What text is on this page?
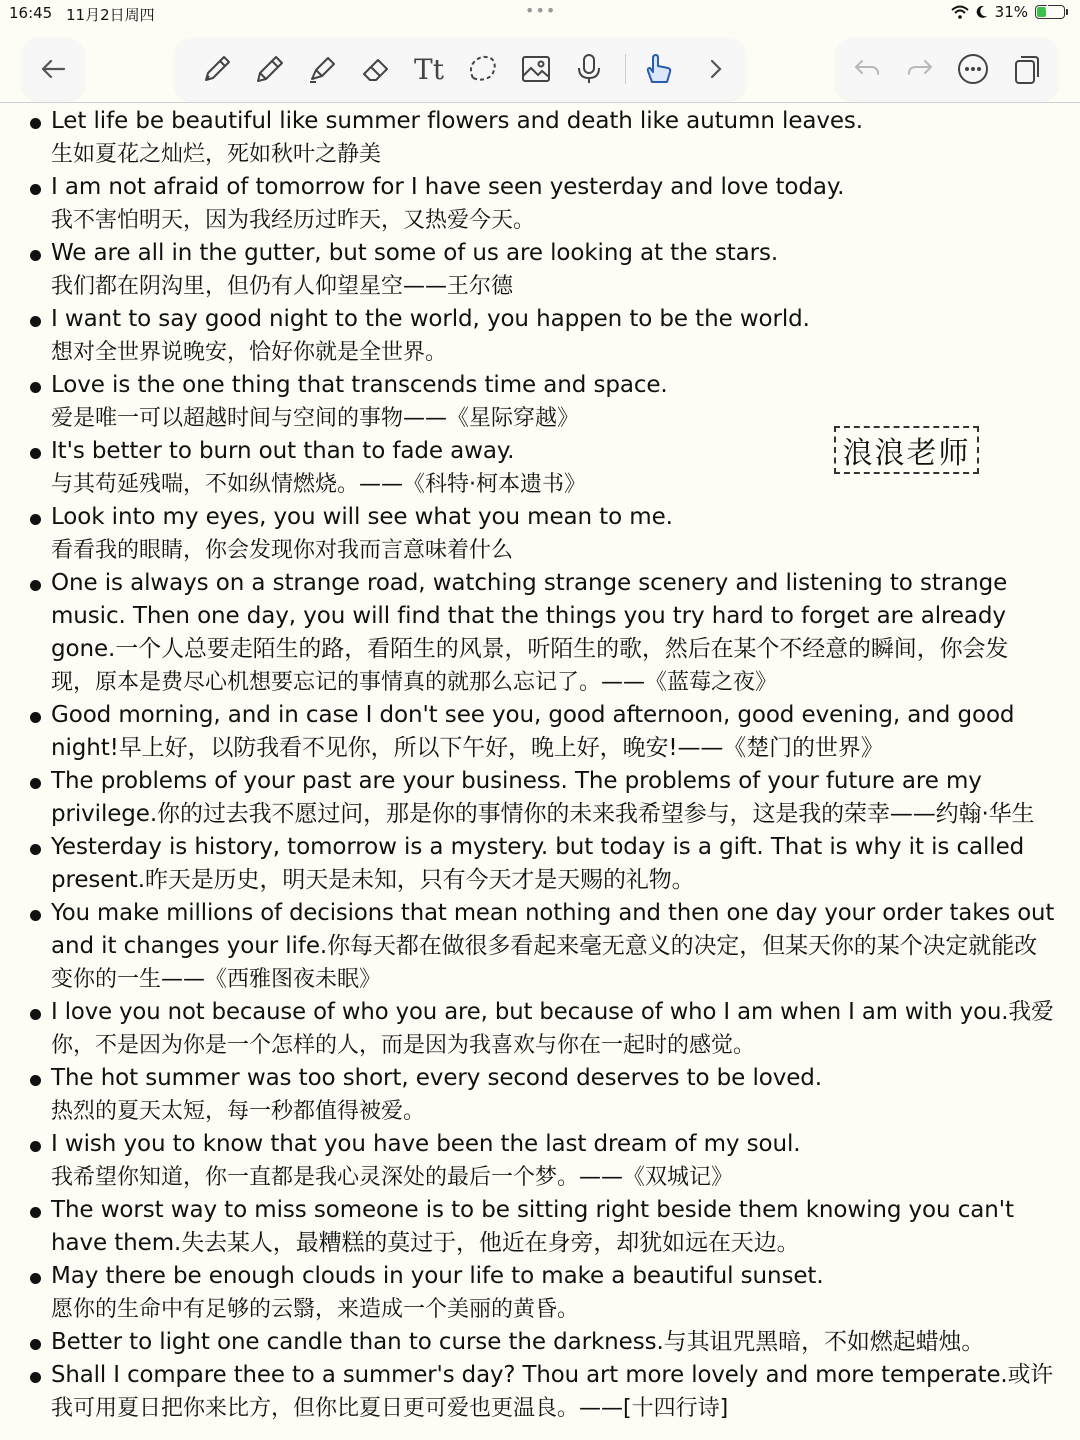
16:45 11月2日周四	•••	31% ϟ
Tt
Let life be beautiful like summer flowers and death like autumn leaves.
生如夏花之灿烂，死如秋叶之静美
I am not afraid of tomorrow for I have seen yesterday and love today.
我不害怕明天，因为我经历过昨天，又热爱今天。
We are all in the gutter, but some of us are looking at the stars.
我们都在阴沟里，但仍有人仰望星空——王尔德
I want to say good night to the world, you happen to be the world.
想对全世界说晚安，恰好你就是全世界。
Love is the one thing that transcends time and space.
爱是唯一可以超越时间与空间的事物——《星际穿越》
It's better to burn out than to fade away.
与其苟延残喘，不如纵情燃烧。——《科特·柯本遗书》
Look into my eyes, you will see what you mean to me.
看看我的眼睛，你会发现你对我而言意味着什么
One is always on a strange road, watching strange scenery and listening to strange
music. Then one day, you will find that the things you try hard to forget are already
gone.一个人总要走陌生的路，看陌生的风景，听陌生的歌，然后在某个不经意的瞬间，你会发
现，原本是费尽心机想要忘记的事情真的就那么忘记了。——《蓝莓之夜》
Good morning, and in case I don't see you, good afternoon, good evening, and good
night!早上好，以防我看不见你，所以下午好，晚上好，晚安!——《楚门的世界》
The problems of your past are your business. The problems of your future are my
privilege.你的过去我不愿过问，那是你的事情你的未来我希望参与，这是我的荣幸——约翰·华生
Yesterday is history, tomorrow is a mystery. but today is a gift. That is why it is called
present.昨天是历史，明天是未知，只有今天才是天赐的礼物。
You make millions of decisions that mean nothing and then one day your order takes out
and it changes your life.你每天都在做很多看起来毫无意义的决定，但某天你的某个决定就能改
变你的一生——《西雅图夜未眠》
I love you not because of who you are, but because of who I am when I am with you.我爱
你，不是因为你是一个怎样的人，而是因为我喜欢与你在一起时的感觉。
The hot summer was too short, every second deserves to be loved.
热烈的夏天太短，每一秒都值得被爱。
I wish you to know that you have been the last dream of my soul.
我希望你知道，你一直都是我心灵深处的最后一个梦。——《双城记》
The worst way to miss someone is to be sitting right beside them knowing you can't
have them.失去某人，最糟糕的莫过于，他近在身旁，却犹如远在天边。
May there be enough clouds in your life to make a beautiful sunset.
愿你的生命中有足够的云翳，来造成一个美丽的黄昏。
Better to light one candle than to curse the darkness.与其诅咒黑暗，不如燃起蜡烛。
Shall I compare thee to a summer's day? Thou art more lovely and more temperate.或许
我可用夏日把你来比方，但你比夏日更可爱也更温良。——[十四行诗]
浪浪老师
